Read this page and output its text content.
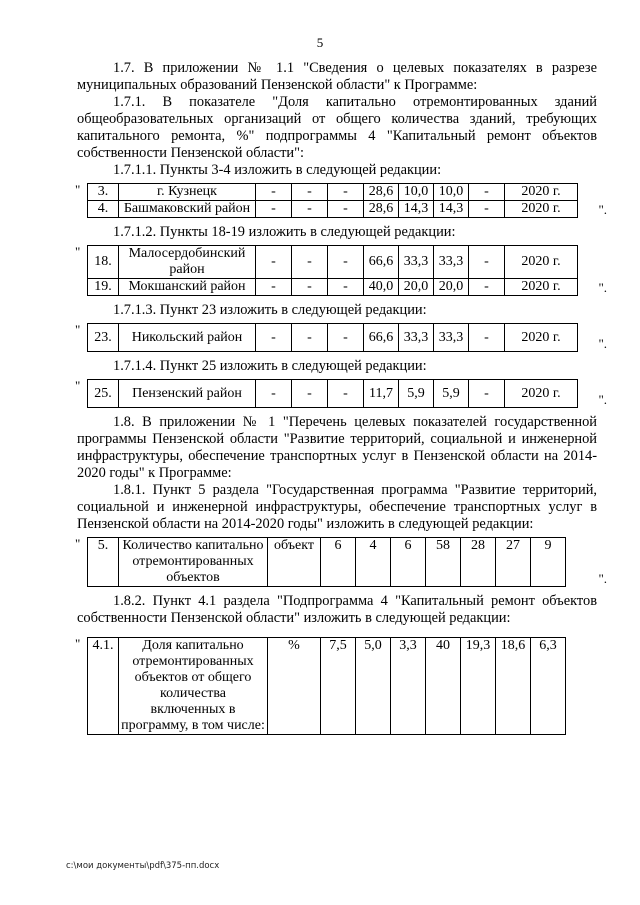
5

1.7. В приложении № 1.1 "Сведения о целевых показателях в разрезе муниципальных образований Пензенской области" к Программе:

1.7.1. В показателе "Доля капитально отремонтированных зданий общеобразовательных организаций от общего количества зданий, требующих капитального ремонта, %" подпрограммы 4 "Капитальный ремонт объектов собственности Пензенской области":

1.7.1.1. Пункты 3-4 изложить в следующей редакции:

" 3.	г. Кузнецк	-	-	-	28,6	10,0	10,0	-	2020 г.
4.	Башмаковский район	-	-	-	28,6	14,3	14,3	-	2020 г.	".

1.7.1.2. Пункты 18-19 изложить в следующей редакции:

"
18.	Малосердобинский район	-	-	-	66,6	33,3	33,3	-	2020 г.
19.	Мокшанский район	-	-	-	40,0	20,0	20,0	-	2020 г.	".

1.7.1.3. Пункт 23 изложить в следующей редакции:

" 23.	Никольский район	-	-	-	66,6	33,3	33,3	-	2020 г.	".

1.7.1.4. Пункт 25 изложить в следующей редакции:

" 25.	Пензенский район	-	-	-	11,7	5,9	5,9	-	2020 г.	".

1.8. В приложении № 1 "Перечень целевых показателей государственной программы Пензенской области "Развитие территорий, социальной и инженерной инфраструктуры, обеспечение транспортных услуг в Пензенской области на 2014-2020 годы" к Программе:

1.8.1. Пункт 5 раздела "Государственная программа "Развитие территорий, социальной и инженерной инфраструктуры, обеспечение транспортных услуг в Пензенской области на 2014-2020 годы" изложить в следующей редакции:

" 5.	Количество капитально отремонтированных объектов	объект	6	4	6	58	28	27	9
".

1.8.2. Пункт 4.1 раздела "Подпрограмма 4 "Капитальный ремонт объектов собственности Пензенской области" изложить в следующей редакции:

" 4.1.	Доля капитально отремонтированных объектов от общего количества включенных в программу, в том числе:	%	7,5	5,0	3,3	40	19,3	18,6	6,3
c:\мои документы\pdf\375-пп.docx
